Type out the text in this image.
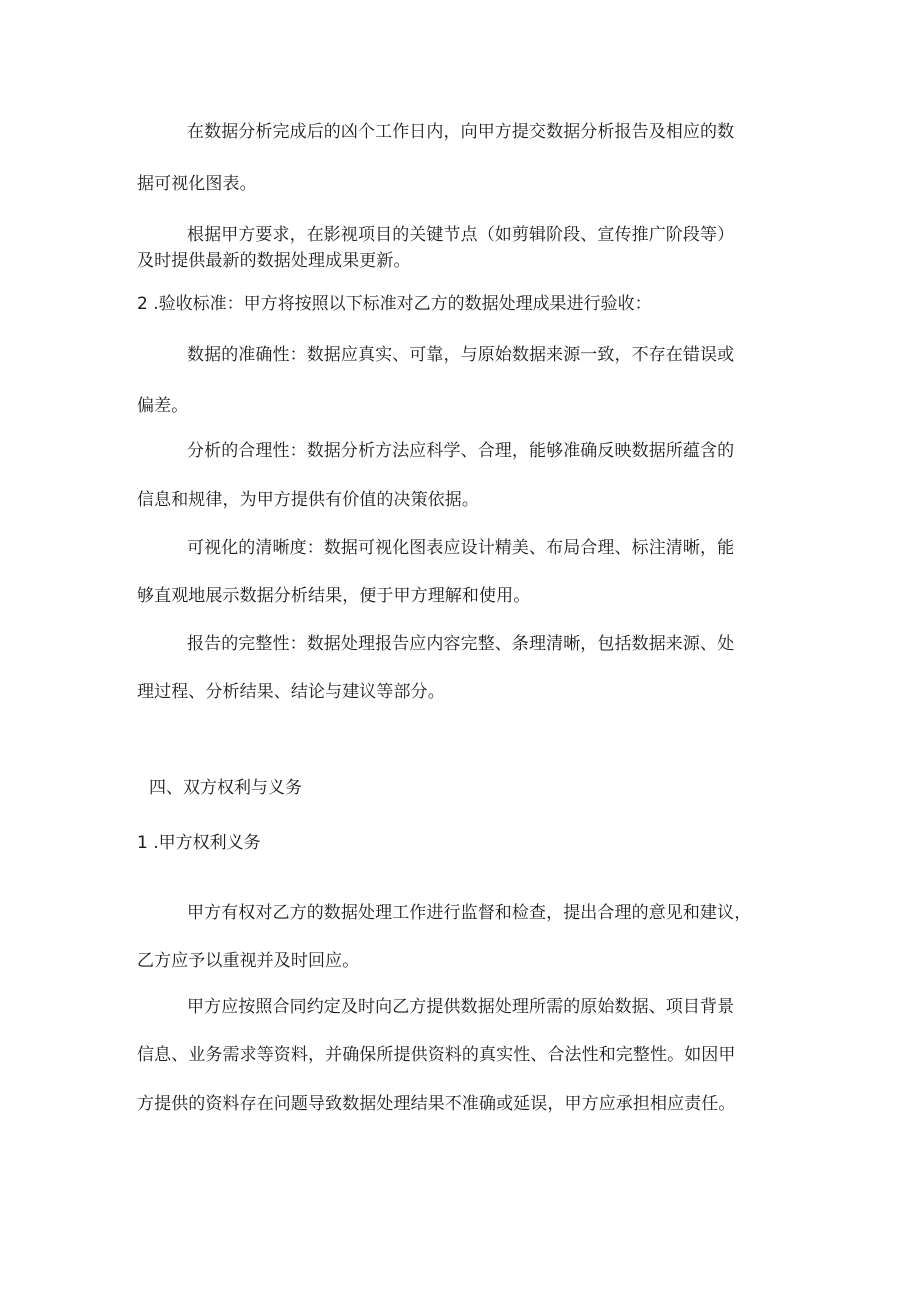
在数据分析完成后的凶个工作日内，向甲方提交数据分析报告及相应的数
据可视化图表。
根据甲方要求，在影视项目的关键节点（如剪辑阶段、宣传推广阶段等）
及时提供最新的数据处理成果更新。
2 .验收标准：甲方将按照以下标准对乙方的数据处理成果进行验收：
数据的准确性：数据应真实、可靠，与原始数据来源一致，不存在错误或
偏差。
分析的合理性：数据分析方法应科学、合理，能够准确反映数据所蕴含的
信息和规律，为甲方提供有价值的决策依据。
可视化的清晰度：数据可视化图表应设计精美、布局合理、标注清晰，能
够直观地展示数据分析结果，便于甲方理解和使用。
报告的完整性：数据处理报告应内容完整、条理清晰，包括数据来源、处
理过程、分析结果、结论与建议等部分。
四、双方权利与义务
1 .甲方权利义务
甲方有权对乙方的数据处理工作进行监督和检查，提出合理的意见和建议，
乙方应予以重视并及时回应。
甲方应按照合同约定及时向乙方提供数据处理所需的原始数据、项目背景
信息、业务需求等资料，并确保所提供资料的真实性、合法性和完整性。如因甲
方提供的资料存在问题导致数据处理结果不准确或延误，甲方应承担相应责任。
